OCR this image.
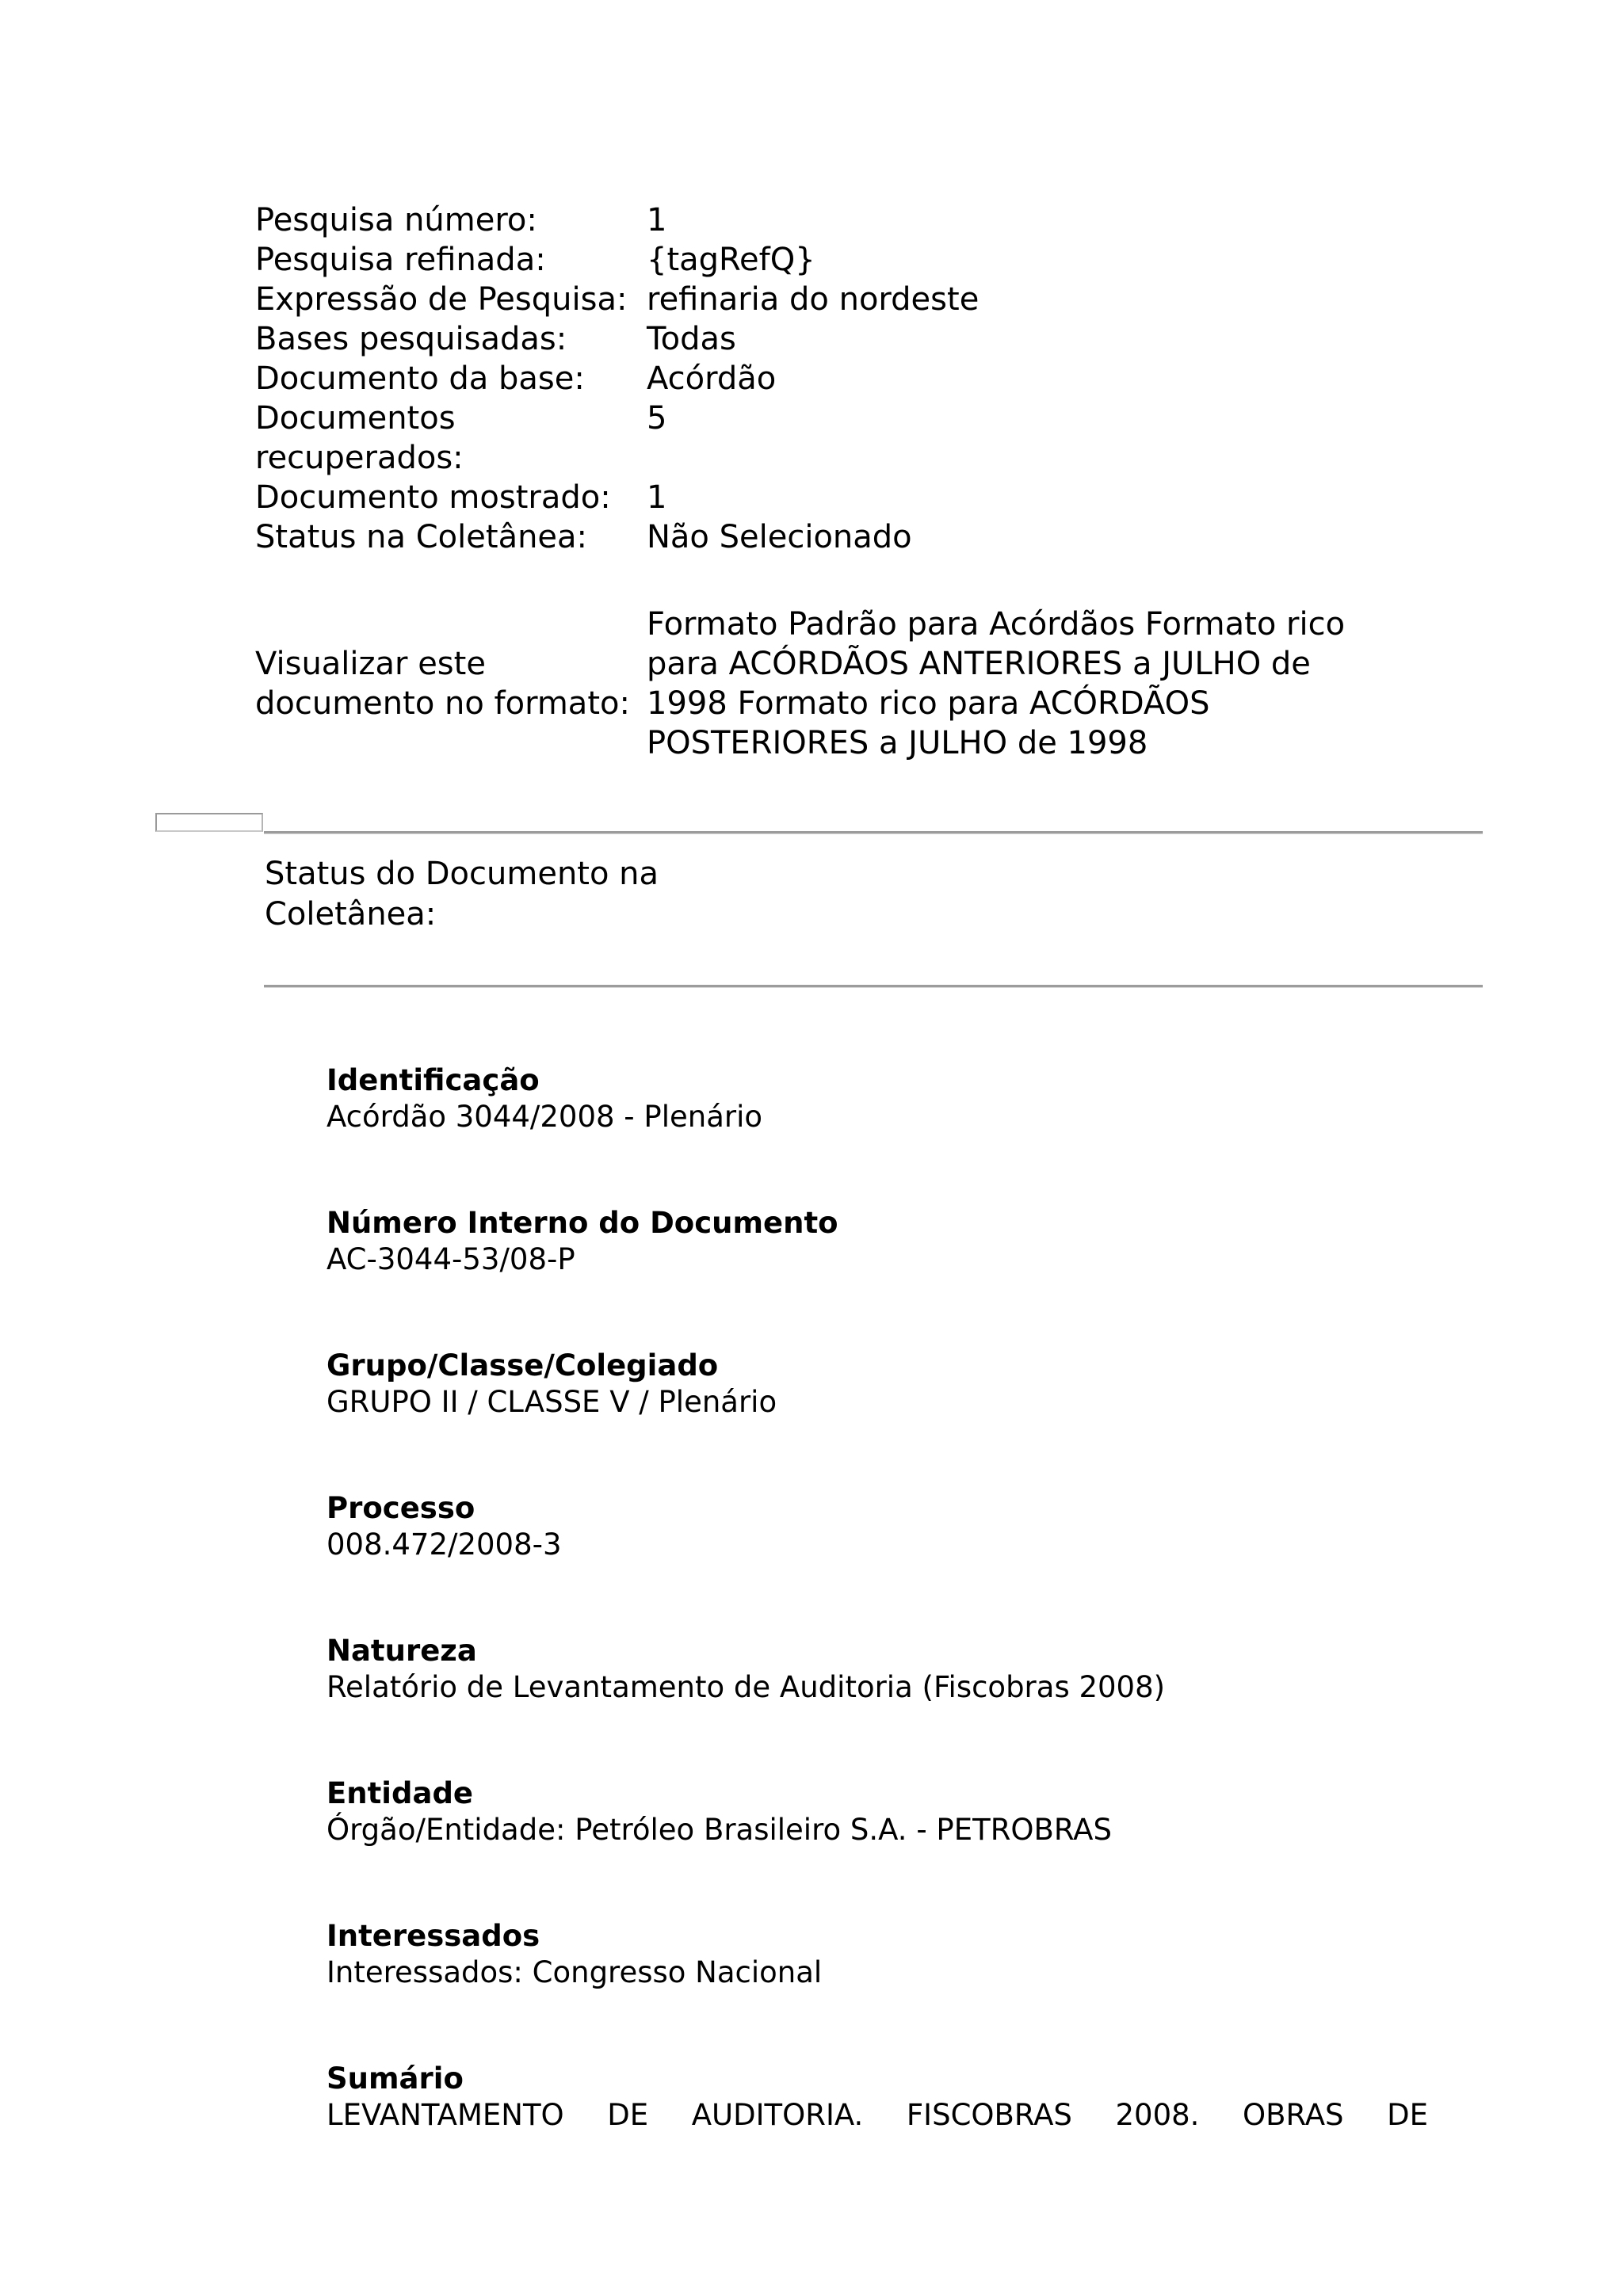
Pesquisa número:	1
Pesquisa refinada:	{tagRefQ}
Expressão de Pesquisa:	refinaria do nordeste
Bases pesquisadas:	Todas
Documento da base:	Acórdão
Documentos recuperados:	5
Documento mostrado:	1
Status na Coletânea:	Não Selecionado
Visualizar este documento no formato:	Formato Padrão para Acórdãos Formato rico para ACÓRDÃOS ANTERIORES a JULHO de 1998 Formato rico para ACÓRDÃOS POSTERIORES a JULHO de 1998
Status do Documento na Coletânea:

Identificação

Acórdão 3044/2008 - Plenário

Número Interno do Documento

AC-3044-53/08-P

Grupo/Classe/Colegiado

GRUPO II / CLASSE V / Plenário

Processo

008.472/2008-3

Natureza

Relatório de Levantamento de Auditoria (Fiscobras 2008)

Entidade

Órgão/Entidade: Petróleo Brasileiro S.A. - PETROBRAS

Interessados

Interessados: Congresso Nacional

Sumário

LEVANTAMENTO DE AUDITORIA. FISCOBRAS 2008. OBRAS DE
